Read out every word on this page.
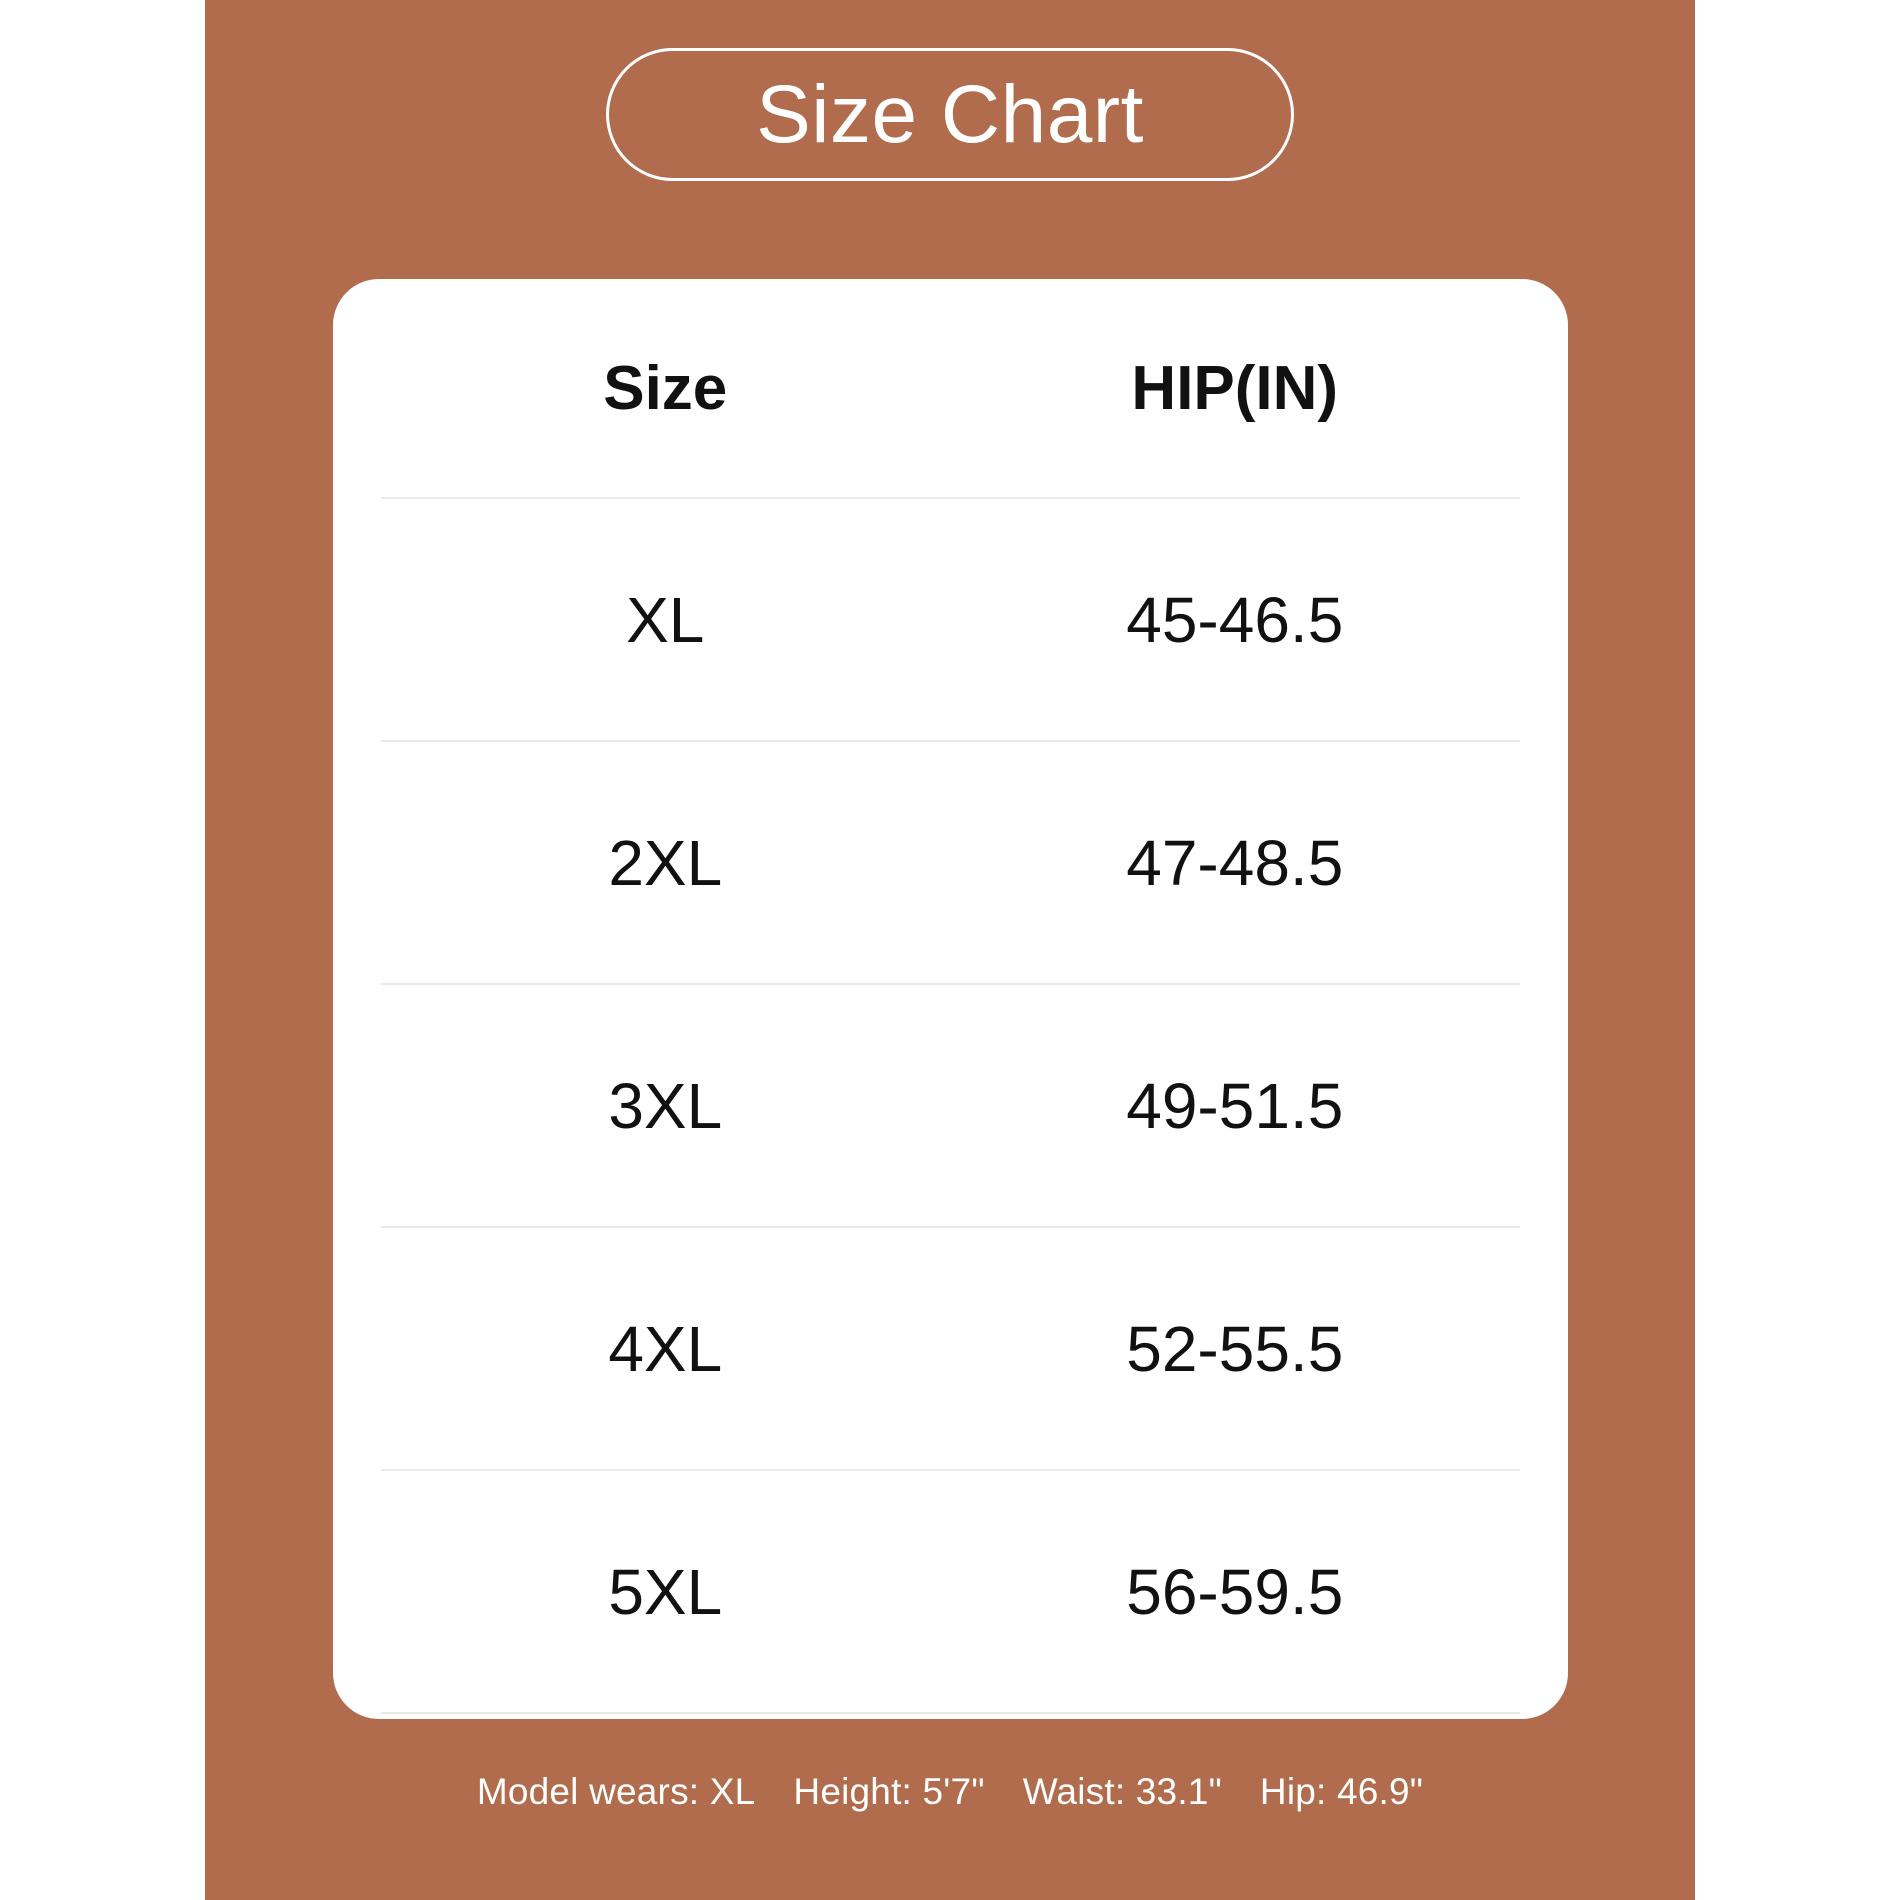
Size Chart
Size	HIP(IN)
XL	45-46.5
2XL	47-48.5
3XL	49-51.5
4XL	52-55.5
5XL	56-59.5
Model wears: XL Height: 5'7" Waist: 33.1" Hip: 46.9"
